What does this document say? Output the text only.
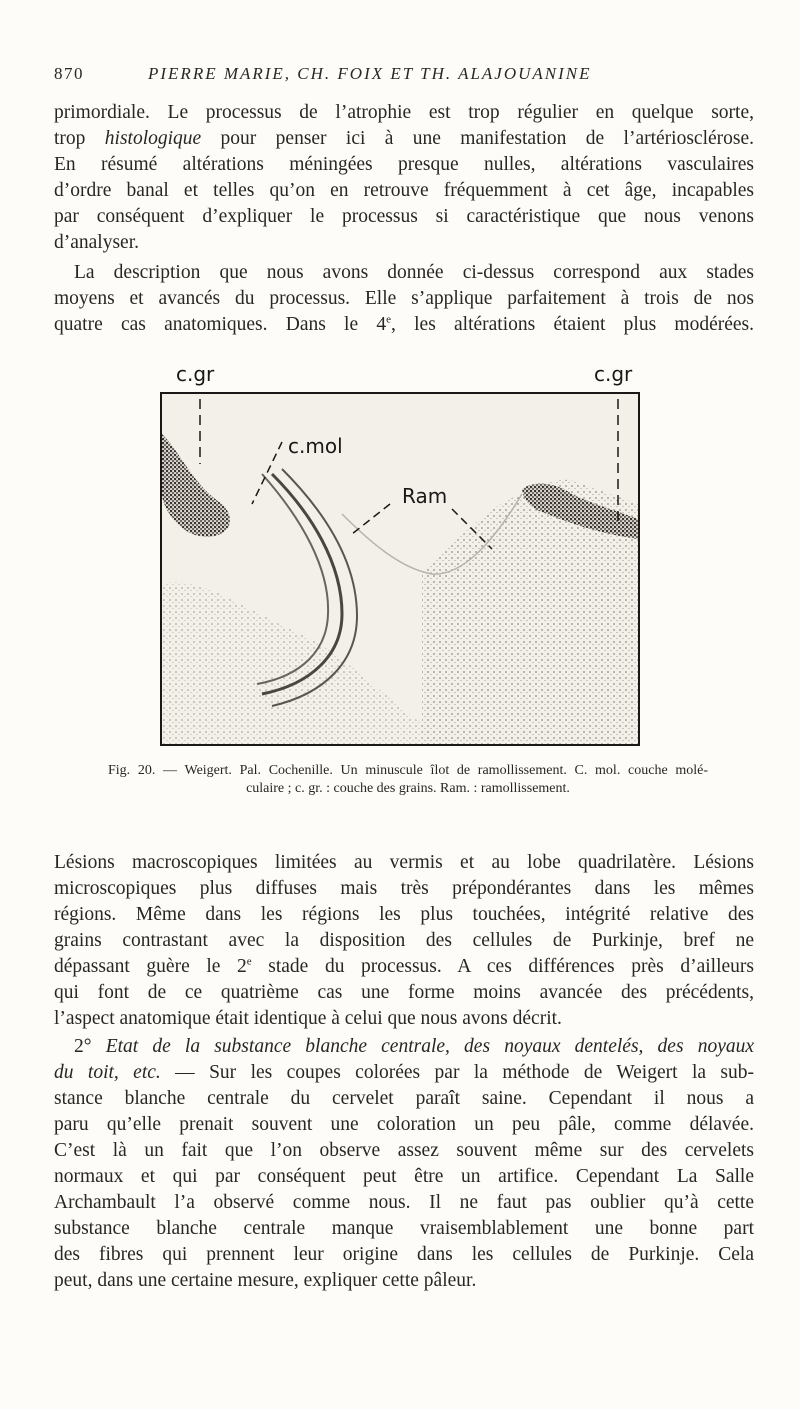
870	PIERRE MARIE, CH. FOIX ET TH. ALAJOUANINE
primordiale. Le processus de l’atrophie est trop régulier en quelque sorte,
trop histologique pour penser ici à une manifestation de l’artériosclérose.
En résumé altérations méningées presque nulles, altérations vasculaires
d’ordre banal et telles qu’on en retrouve fréquemment à cet âge, incapables
par conséquent d’expliquer le processus si caractéristique que nous venons
d’analyser.
La description que nous avons donnée ci-dessus correspond aux stades
moyens et avancés du processus. Elle s’applique parfaitement à trois de nos
quatre cas anatomiques. Dans le 4e, les altérations étaient plus modérées.
c.gr	c.gr
c.mol
Ram
Fig. 20. — Weigert. Pal. Cochenille. Un minuscule îlot de ramollissement. C. mol. couche molé-
culaire ; c. gr. : couche des grains. Ram. : ramollissement.
Lésions macroscopiques limitées au vermis et au lobe quadrilatère. Lésions
microscopiques plus diffuses mais très prépondérantes dans les mêmes
régions. Même dans les régions les plus touchées, intégrité relative des
grains contrastant avec la disposition des cellules de Purkinje, bref ne
dépassant guère le 2e stade du processus. A ces différences près d’ailleurs
qui font de ce quatrième cas une forme moins avancée des précédents,
l’aspect anatomique était identique à celui que nous avons décrit.
2° Etat de la substance blanche centrale, des noyaux dentelés, des noyaux
du toit, etc. — Sur les coupes colorées par la méthode de Weigert la sub-
stance blanche centrale du cervelet paraît saine. Cependant il nous a
paru qu’elle prenait souvent une coloration un peu pâle, comme délavée.
C’est là un fait que l’on observe assez souvent même sur des cervelets
normaux et qui par conséquent peut être un artifice. Cependant La Salle
Archambault l’a observé comme nous. Il ne faut pas oublier qu’à cette
substance blanche centrale manque vraisemblablement une bonne part
des fibres qui prennent leur origine dans les cellules de Purkinje. Cela
peut, dans une certaine mesure, expliquer cette pâleur.
